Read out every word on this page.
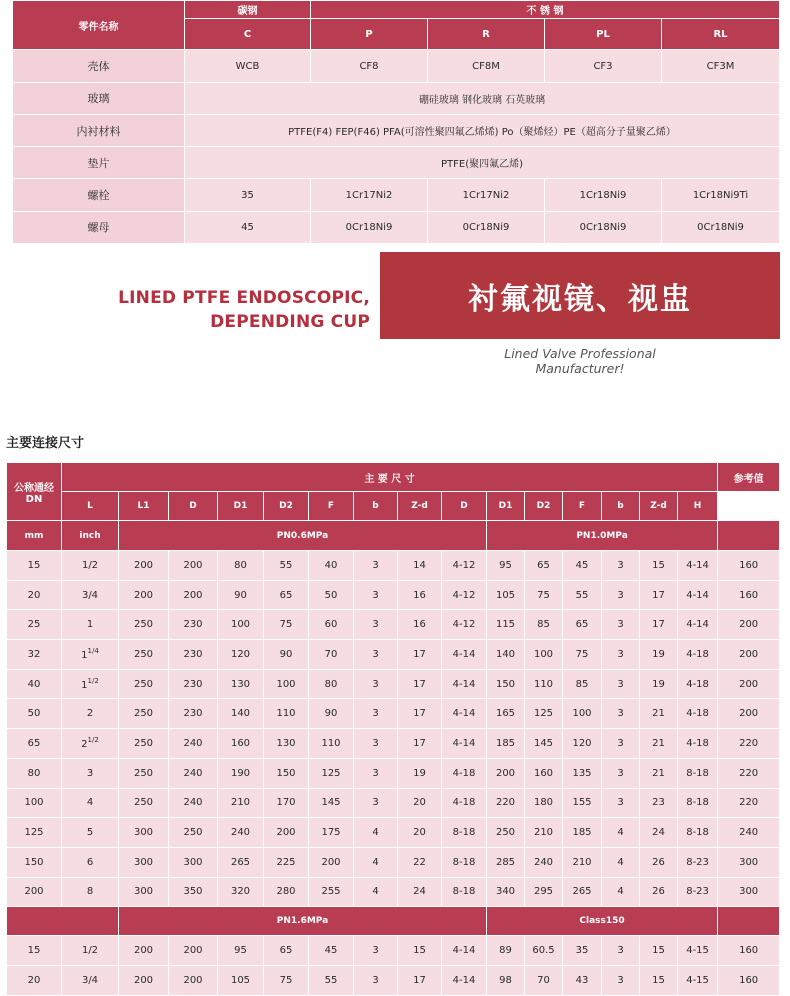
零件名称	碳钢	不 锈 钢			
	C	P	R	PL	RL
壳体	WCB	CF8	CF8M	CF3	CF3M
玻璃	硼硅玻璃 钢化玻璃 石英玻璃				
内衬材料	PTFE(F4) FEP(F46) PFA(可溶性聚四氟乙烯烯) Po（聚烯烃）PE（超高分子量聚乙烯）				
垫片	PTFE(聚四氟乙烯)				
螺栓	35	1Cr17Ni2	1Cr17Ni2	1Cr18Ni9	1Cr18Ni9Ti
螺母	45	0Cr18Ni9	0Cr18Ni9	0Cr18Ni9	0Cr18Ni9
LINED PTFE ENDOSCOPIC,
DEPENDING CUP
衬氟视镜、视盅
Lined Valve Professional
Manufacturer!
主要连接尺寸
公称通经
DN	主 要 尺 寸															参考值
	L	L1	D	D1	D2	F	b	Z-d	D	D1	D2	F	b	Z-d	H	
mm	inch	PN0.6MPa								PN1.0MPa						
15	1/2	200	200	80	55	40	3	14	4-12	95	65	45	3	15	4-14	160
20	3/4	200	200	90	65	50	3	16	4-12	105	75	55	3	17	4-14	160
25	1	250	230	100	75	60	3	16	4-12	115	85	65	3	17	4-14	200
32	$1^{1/4}$	250	230	120	90	70	3	17	4-14	140	100	75	3	19	4-18	200
40	$1^{1/2}$	250	230	130	100	80	3	17	4-14	150	110	85	3	19	4-18	200
50	2	250	230	140	110	90	3	17	4-14	165	125	100	3	21	4-18	200
65	$2^{1/2}$	250	240	160	130	110	3	17	4-14	185	145	120	3	21	4-18	220
80	3	250	240	190	150	125	3	19	4-18	200	160	135	3	21	8-18	220
100	4	250	240	210	170	145	3	20	4-18	220	180	155	3	23	8-18	220
125	5	300	250	240	200	175	4	20	8-18	250	210	185	4	24	8-18	240
150	6	300	300	265	225	200	4	22	8-18	285	240	210	4	26	8-23	300
200	8	300	350	320	280	255	4	24	8-18	340	295	265	4	26	8-23	300
		PN1.6MPa								Class150						
15	1/2	200	200	95	65	45	3	15	4-14	89	60.5	35	3	15	4-15	160
20	3/4	200	200	105	75	55	3	17	4-14	98	70	43	3	15	4-15	160
